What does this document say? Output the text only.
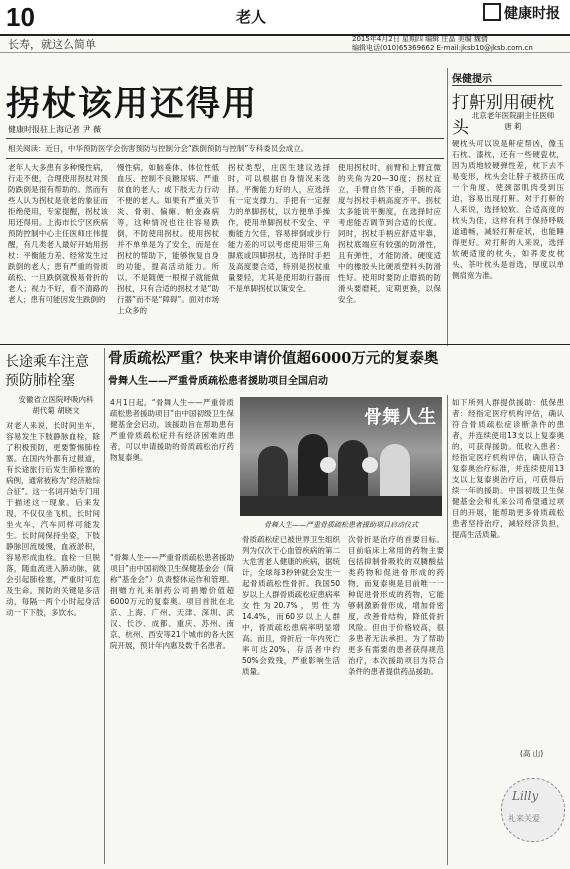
10	老人	健康时报
长寿，就这么简单	2015年4月2日 星期四 编辑 庄晶 美编 魏倩
编辑电话(010)65369662 E-mail:jksb10@jksb.com.cn
拐杖该用还得用
健康时报驻上海记者 尹 薇
相关阅读：近日，中华预防医学会伤害预防与控制分会“跌倒预防与控制”专科委员会成立。
老年人大多患有多种慢性病，行走不便，合理使用拐杖对预防跌倒是很有帮助的。然而有些人认为拐杖是衰老的象征而拒绝使用，专家提醒，拐杖该用还得用。上海市长宁区疾病预防控制中心主任医师庄伟提醒，有几类老人最好开始用拐杖：平衡能力差、经常发生过跌倒的老人；患有严重的骨质疏松、一旦跌倒就极易骨折的老人；视力不好，看不清路的老人；患有可能因发生跌倒的
慢性病，如脑垂体、体位性低血压、控制不良糖尿病、严重贫血的老人；或下肢无力行动不便的老人。如果有严重关节炎、骨刺、偏瘫、帕金森病等，这种情况也往往容易跌倒，不防使用拐杖。使用拐杖并不单单是为了安全，而是在拐杖的帮助下，能够恢复自身的功能，提高活动能力。所以，不是随便一根棍子就能做拐杖，只有合适的拐杖才是“助行器”而不是“障碍”。面对市场上众多的
拐杖类型，庄医生建议选择时，可以根据自身情况来选择。平衡能力好的人，应选择有一定支撑力、手把有一定握力的单脚拐杖，以方便单手操作，使用单脚拐杖不安全、平衡能力欠佳，容易摔倒或步行能力差的可以考虑使用带三角脚底或四脚拐杖，选择时手把及高度要合适，特别是拐杖重量要轻，尤其是使用助行器而不是单脚拐杖以策安全。
使用拐杖时，前臂和上臂宜微的夹角为20—30度；拐杖宜立，手臂自然下垂，手腕的高度与拐杖手柄高度齐平。拐杖太多能说平衡度，在选择时应考虑能否调节到合适的长度。同时，拐杖手柄应舒适牢靠，拐杖底端应有较强的防滑性，且有弹性，才能防滑。硬度适中的橡胶头比硬质塑料头防滑性好。使用时要防止磨损的防滑头要磨耗，定期更换，以保安全。
保健提示
打鼾别用硬枕头
北京老年医院副主任医师
唐 莉
硬枕头可以说是鼾症帮凶，像玉石枕、漆枕，还有一些硬瓷枕，因为质地较硬弹性差，枕下去不易变形，枕头会让脖子被挤压成一个角度，使颈部肌肉受到压迫，容易出现打鼾。对于打鼾的人来说，选择较软、合适高度的枕头为佳，这样有利于保持呼吸道通畅，减轻打鼾症状，也能睡得更好。对打鼾的人来说，选择软硬适度的枕头，如荞麦皮枕头、茶叶枕头是首选，厚度以单侧肩宽为准。
长途乘车注意预防肺栓塞
安徽省立医院呼吸内科
胡代菊 胡晓文
对老人来说，长时间坐车，容易发生下肢静脉血栓，除了积极预防，更要警惕肺栓塞。在国内外都有过报道，有长途旅行后发生肺栓塞的病例，通常被称为“经济舱综合征”。这一名词开始专门用于描述这一现象。后来发现，不仅仅坐飞机，长时间坐火车、汽车同样可能发生。长时间保持坐姿，下肢静脉回流缓慢，血液淤积，容易形成血栓。血栓一旦脱落，随血流进入肺动脉，就会引起肺栓塞，严重时可危及生命。预防的关键是多活动，每隔一两个小时起身活动一下下肢，多饮水。
骨质疏松严重？快来申请价值超6000万元的复泰奥
骨舞人生——严重骨质疏松患者援助项目全国启动
4月1日起，“骨舞人生——严重骨质疏松患者援助项目”由中国初级卫生保健基金会启动，该援助旨在帮助患有严重骨质疏松症并有经济困难的患者，可以申请援助的骨质疏松治疗药物复泰奥。
骨舞人生
骨舞人生——严重骨质疏松患者援助项目启动仪式
“骨舞人生——严重骨质疏松患者援助项目”由中国初级卫生保健基金会（简称“基金会”）负责整体运作和管理。捐赠方礼来制药公司捐赠价值超6000万元的复泰奥。项目首批在北京、上海、广州、天津、深圳、武汉、长沙、成都、重庆、苏州、南京、杭州、西安等21个城市的各大医院开展，预计年内惠及数千名患者。
骨质疏松症已被世界卫生组织列为仅次于心血管疾病的第二大危害老人健康的疾病，据统计，全球每3秒钟就会发生一起骨质疏松性骨折。我国50岁以上人群骨质疏松症患病率女性为20.7%，男性为14.4%，而60岁以上人群中，骨质疏松患病率明显增高。而且，骨折后一年内死亡率可达20%，存活者中约50%会致残，严重影响生活质量。
次骨折是治疗的首要目标。目前临床上常用的药物主要包括抑制骨吸收的双膦酸盐类药物和促进骨形成的药物，而复泰奥是目前唯一一种促进骨形成的药物，它能够刺激新骨形成，增加骨密度，改善骨结构，降低骨折风险。但由于价格较高，很多患者无法承担。为了帮助更多有需要的患者获得规范治疗，本次援助项目为符合条件的患者提供药品援助。
如下所列人群提供援助：低保患者：经指定医疗机构评估，确认符合骨质疏松症诊断条件的患者，并连续使用13支以上复泰奥的，可获得援助。低收入患者：经指定医疗机构评估，确认符合复泰奥治疗标准，并连续使用13支以上复泰奥治疗后，可获得后续一年的援助。中国初级卫生保健基金会和礼来公司希望通过项目的开展，能帮助更多骨质疏松患者坚持治疗，减轻经济负担，提高生活质量。
(高 山)
Lilly
礼来关爱
